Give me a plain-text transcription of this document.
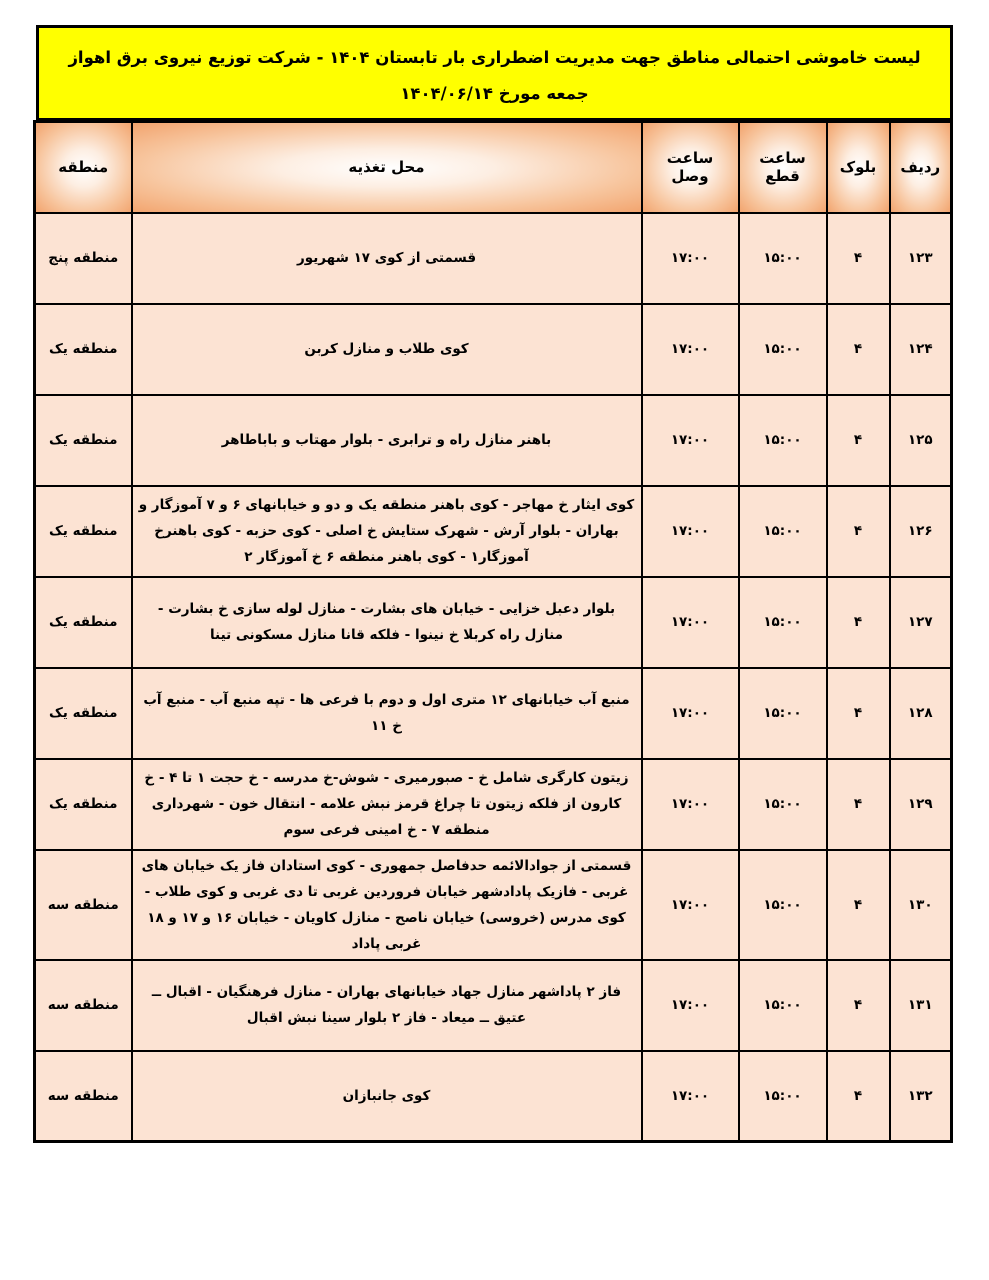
لیست خاموشی احتمالی مناطق جهت مدیریت اضطراری بار تابستان ۱۴۰۴ - شرکت توزیع نیروی برق اهواز
جمعه مورخ ۱۴۰۴/۰۶/۱۴
ردیف	بلوک	ساعت قطع	ساعت وصل	محل تغذیه	منطقه
۱۲۳	۴	۱۵:۰۰	۱۷:۰۰	قسمتی از کوی ۱۷ شهریور	منطقه پنج
۱۲۴	۴	۱۵:۰۰	۱۷:۰۰	کوی طلاب و منازل کربن	منطقه یک
۱۲۵	۴	۱۵:۰۰	۱۷:۰۰	باهنر منازل راه و ترابری - بلوار مهتاب و باباطاهر	منطقه یک
۱۲۶	۴	۱۵:۰۰	۱۷:۰۰	کوی ایثار خ مهاجر - کوی باهنر منطقه یک و دو و خیابانهای ۶ و ۷ آموزگار و بهاران - بلوار آرش - شهرک ستایش خ اصلی - کوی حزبه - کوی باهنرخ آموزگار۱ - کوی باهنر منطقه ۶ خ آموزگار ۲	منطقه یک
۱۲۷	۴	۱۵:۰۰	۱۷:۰۰	بلوار دعبل خزایی - خیابان های بشارت - منازل لوله سازی خ بشارت - منازل راه کربلا خ نینوا - فلکه قانا منازل مسکونی تینا	منطقه یک
۱۲۸	۴	۱۵:۰۰	۱۷:۰۰	منبع آب خیابانهای ۱۲ متری اول و دوم با فرعی ها - تپه منبع آب - منبع آب خ ۱۱	منطقه یک
۱۲۹	۴	۱۵:۰۰	۱۷:۰۰	زیتون کارگری شامل خ - صبورمیری - شوش-خ مدرسه - خ حجت ۱ تا ۴ - خ کارون از فلکه زیتون تا چراغ قرمز نبش علامه - انتقال خون - شهرداری منطقه ۷ - خ امینی فرعی سوم	منطقه یک
۱۳۰	۴	۱۵:۰۰	۱۷:۰۰	قسمتی از جوادالائمه حدفاصل جمهوری - کوی استادان فاز یک خیابان های غربی - فازیک پادادشهر خیابان فروردین غربی تا دی غربی و کوی طلاب - کوی مدرس (خروسی) خیابان ناصح - منازل کاویان - خیابان ۱۶ و ۱۷ و ۱۸ غربی پاداد	منطقه سه
۱۳۱	۴	۱۵:۰۰	۱۷:۰۰	فاز ۲ پاداشهر منازل جهاد خیابانهای بهاران - منازل فرهنگیان - اقبال ــ عتیق ــ میعاد - فاز ۲ بلوار سینا نبش اقبال	منطقه سه
۱۳۲	۴	۱۵:۰۰	۱۷:۰۰	کوی جانبازان	منطقه سه
